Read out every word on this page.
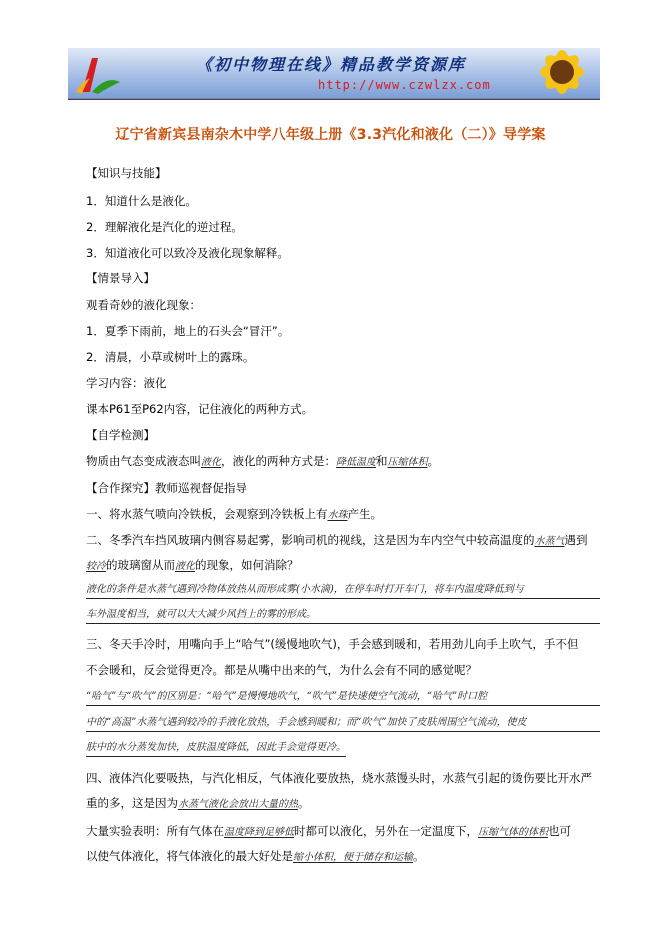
《初中物理在线》精品教学资源库
http://www.czwlzx.com
辽宁省新宾县南杂木中学八年级上册《3.3汽化和液化（二）》导学案
【知识与技能】
1．知道什么是液化。
2．理解液化是汽化的逆过程。
3．知道液化可以致冷及液化现象解释。
【情景导入】
观看奇妙的液化现象：
1．夏季下雨前，地上的石头会“冒汗”。
2．清晨，小草或树叶上的露珠。
学习内容：液化
课本P61至P62内容，记住液化的两种方式。
【自学检测】
物质由气态变成液态叫液化，液化的两种方式是：降低温度和压缩体积。
【合作探究】教师巡视督促指导
一、将水蒸气喷向冷铁板，会观察到冷铁板上有水珠产生。
二、冬季汽车挡风玻璃内侧容易起雾，影响司机的视线，这是因为车内空气中较高温度的水蒸气遇到
较冷的玻璃窗从而液化的现象，如何消除？
液化的条件是水蒸气遇到冷物体放热从而形成雾(小水滴)，在停车时打开车门，将车内温度降低到与
车外温度相当，就可以大大减少风挡上的雾的形成。
三、冬天手冷时，用嘴向手上“哈气”(缓慢地吹气)，手会感到暖和，若用劲儿向手上吹气，手不但
不会暖和，反会觉得更冷。都是从嘴中出来的气，为什么会有不同的感觉呢？
“哈气”与“吹气”的区别是：“哈气”是慢慢地吹气，“吹气”是快速使空气流动，“哈气”时口腔
中的“高温”水蒸气遇到较冷的手液化放热，手会感到暖和；而“吹气”加快了皮肤周围空气流动，使皮
肤中的水分蒸发加快，皮肤温度降低，因此手会觉得更冷。
四、液体汽化要吸热，与汽化相反，气体液化要放热，烧水蒸馒头时，水蒸气引起的烫伤要比开水严
重的多，这是因为水蒸气液化会放出大量的热。
大量实验表明：所有气体在温度降到足够低时都可以液化，另外在一定温度下，压缩气体的体积也可
以使气体液化，将气体液化的最大好处是缩小体积，便于储存和运输。
